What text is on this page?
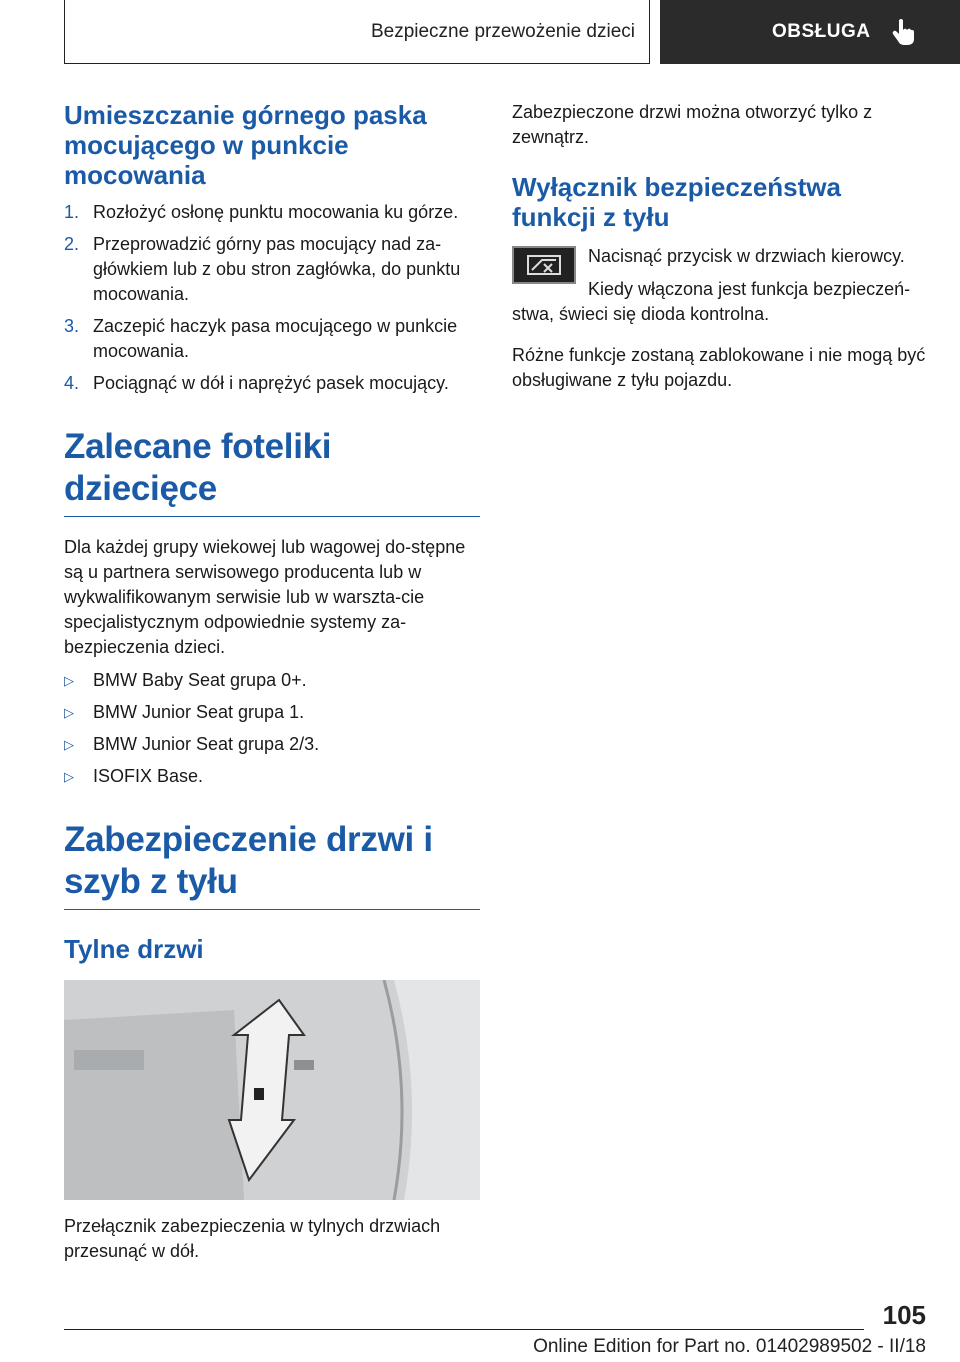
Bezpieczne przewożenie dzieci	OBSŁUGA
Umieszczanie górnego paska mocującego w punkcie mocowania
1. Rozłożyć osłonę punktu mocowania ku górze.
2. Przeprowadzić górny pas mocujący nad za‐główkiem lub z obu stron zagłówka, do punktu mocowania.
3. Zaczepić haczyk pasa mocującego w punkcie mocowania.
4. Pociągnąć w dół i naprężyć pasek mocujący.
Zalecane foteliki dziecięce

Dla każdej grupy wiekowej lub wagowej do‐stępne są u partnera serwisowego producenta lub w wykwalifikowanym serwisie lub w warszta‐cie specjalistycznym odpowiednie systemy za‐bezpieczenia dzieci.

▷	BMW Baby Seat grupa 0+.
▷	BMW Junior Seat grupa 1.
▷	BMW Junior Seat grupa 2/3.
▷	ISOFIX Base.
Zabezpieczenie drzwi i szyb z tyłu
Tylne drzwi

Przełącznik zabezpieczenia w tylnych drzwiach przesunąć w dół.

Zabezpieczone drzwi można otworzyć tylko z zewnątrz.

Wyłącznik bezpieczeństwa funkcji z tyłu

Nacisnąć przycisk w drzwiach kierowcy.

Kiedy włączona jest funkcja bezpieczeń‐stwa, świeci się dioda kontrolna.

Różne funkcje zostaną zablokowane i nie mogą być obsługiwane z tyłu pojazdu.

105
Online Edition for Part no. 01402989502 - II/18
